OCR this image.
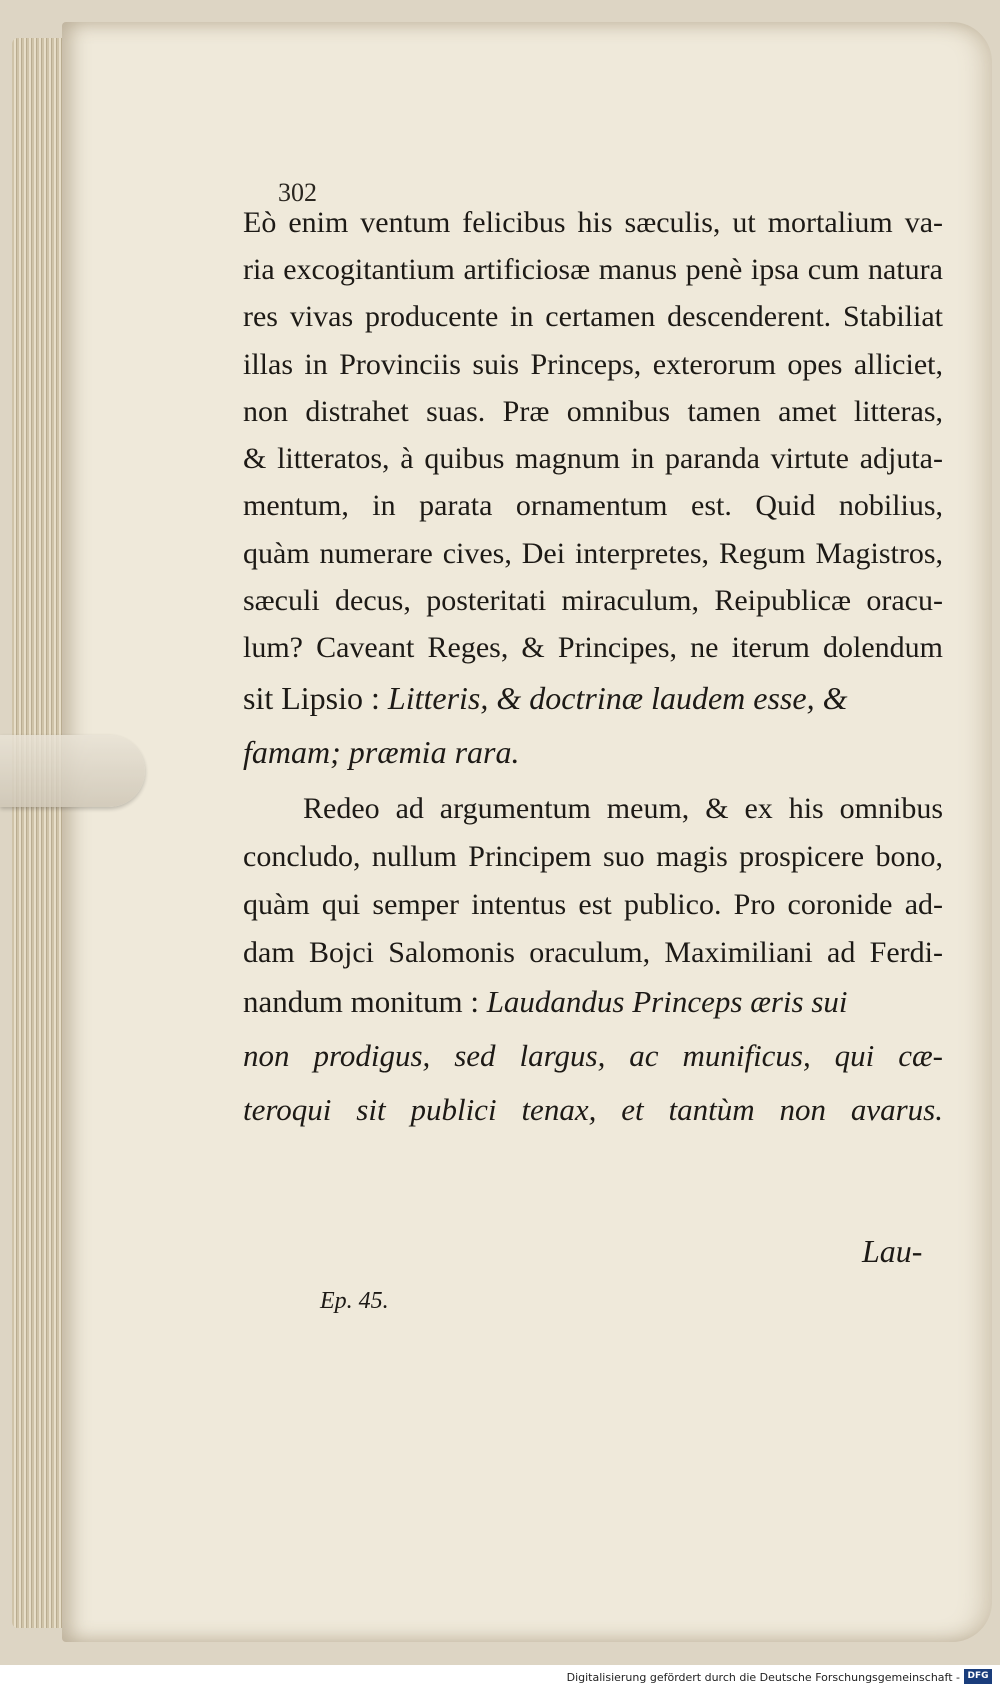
302
Eò enim ventum felicibus his sæculis, ut mortalium va-
ria excogitantium artificiosæ manus penè ipsa cum natura
res vivas producente in certamen descenderent. Stabiliat
illas in Provinciis suis Princeps, exterorum opes alliciet,
non distrahet suas. Præ omnibus tamen amet litteras,
& litteratos, à quibus magnum in paranda virtute adjuta-
mentum, in parata ornamentum est. Quid nobilius,
quàm numerare cives, Dei interpretes, Regum Magistros,
sæculi decus, posteritati miraculum, Reipublicæ oracu-
lum? Caveant Reges, & Principes, ne iterum dolendum
sit Lipsio : Litteris, & doctrinæ laudem esse, &
famam; præmia rara.
Redeo ad argumentum meum, & ex his omnibus
concludo, nullum Principem suo magis prospicere bono,
quàm qui semper intentus est publico. Pro coronide ad-
dam Bojci Salomonis oraculum, Maximiliani ad Ferdi-
nandum monitum : Laudandus Princeps æris sui
non prodigus, sed largus, ac munificus, qui cæ-
teroqui sit publici tenax, et tantùm non avarus.
Lau-
Ep. 45.
Digitalisierung gefördert durch die Deutsche Forschungsgemeinschaft - DFG
